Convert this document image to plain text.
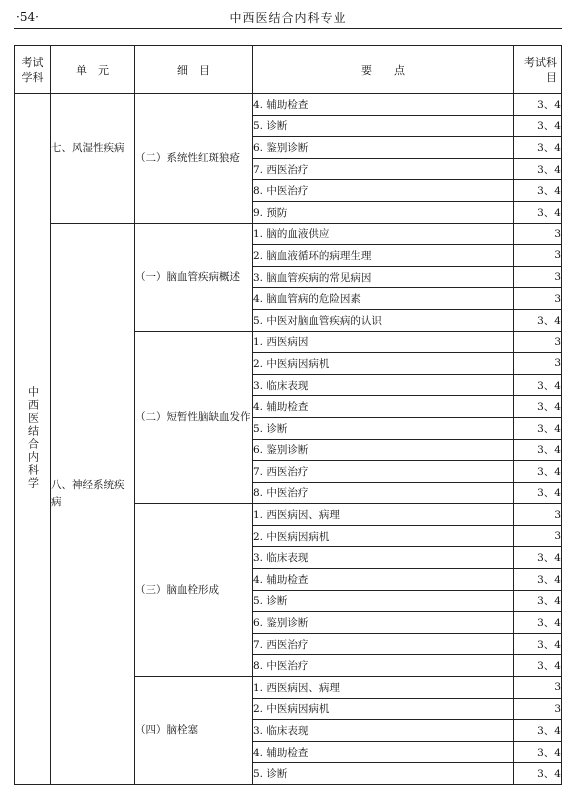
·54·	中西医结合内科专业
考试学科	单　元	细　目	要　　点	考试科目
中西医结合内科学	七、风湿性疾病	（二）系统性红斑狼疮	4. 辅助检查	3、4
			5. 诊断	3、4
			6. 鉴别诊断	3、4
			7. 西医治疗	3、4
			8. 中医治疗	3、4
			9. 预防	3、4

	八、神经系统疾病	（一）脑血管疾病概述	1. 脑的血液供应	3
			2. 脑血液循环的病理生理	3
			3. 脑血管疾病的常见病因	3
			4. 脑血管病的危险因素	3
			5. 中医对脑血管疾病的认识	3、4

		（二）短暂性脑缺血发作	1. 西医病因	3
			2. 中医病因病机	3
			3. 临床表现	3、4
			4. 辅助检查	3、4
			5. 诊断	3、4
			6. 鉴别诊断	3、4
			7. 西医治疗	3、4
			8. 中医治疗	3、4

		（三）脑血栓形成	1. 西医病因、病理	3
			2. 中医病因病机	3
			3. 临床表现	3、4
			4. 辅助检查	3、4
			5. 诊断	3、4
			6. 鉴别诊断	3、4
			7. 西医治疗	3、4
			8. 中医治疗	3、4

		（四）脑栓塞	1. 西医病因、病理	3
			2. 中医病因病机	3
			3. 临床表现	3、4
			4. 辅助检查	3、4
			5. 诊断	3、4
